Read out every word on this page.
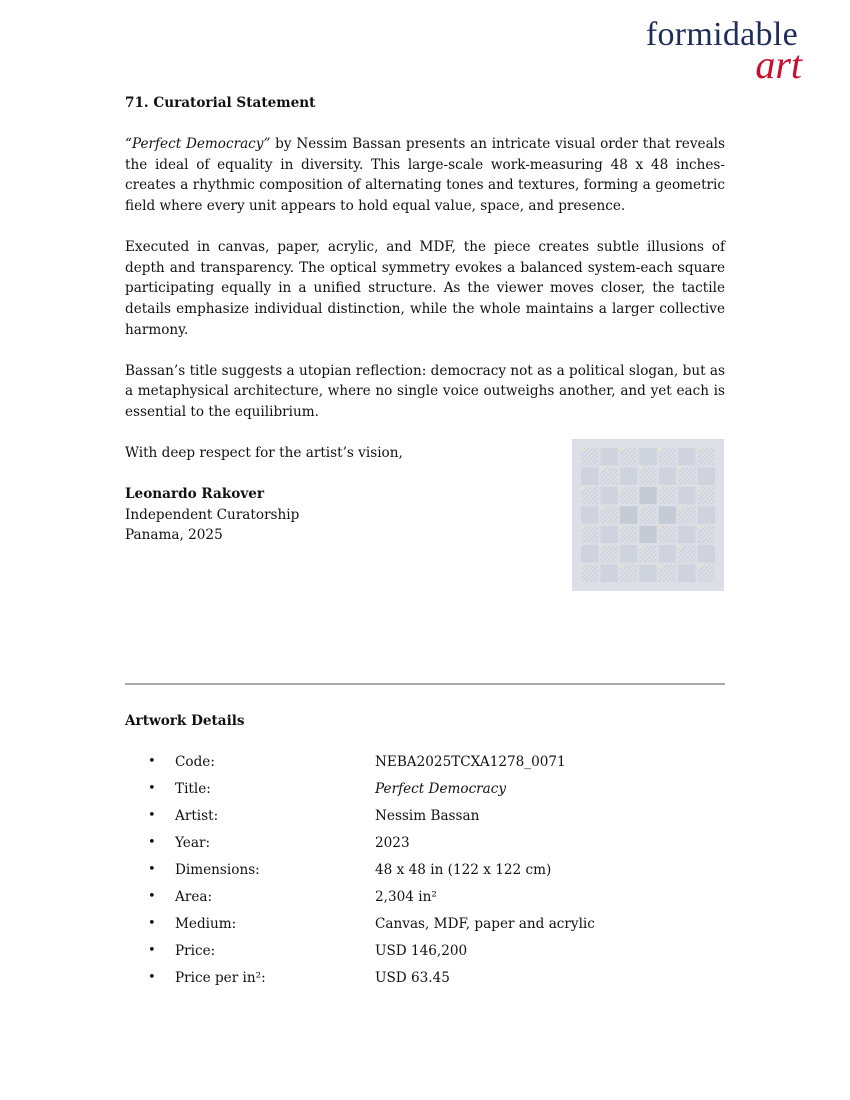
formidable
art

71. Curatorial Statement

“Perfect Democracy” by Nessim Bassan presents an intricate visual order that reveals the ideal of equality in diversity. This large-scale work-measuring 48 x 48 inches-creates a rhythmic composition of alternating tones and textures, forming a geometric field where every unit appears to hold equal value, space, and presence.

Executed in canvas, paper, acrylic, and MDF, the piece creates subtle illusions of depth and transparency. The optical symmetry evokes a balanced system-each square participating equally in a unified structure. As the viewer moves closer, the tactile details emphasize individual distinction, while the whole maintains a larger collective harmony.

Bassan’s title suggests a utopian reflection: democracy not as a political slogan, but as a metaphysical architecture, where no single voice outweighs another, and yet each is essential to the equilibrium.

With deep respect for the artist’s vision,

Leonardo Rakover

Independent Curatorship

Panama, 2025

Artwork Details

• Code:	NEBA2025TCXA1278_0071
• Title:	Perfect Democracy
• Artist:	Nessim Bassan
• Year:	2023
• Dimensions:	48 x 48 in (122 x 122 cm)
• Area:	2,304 in²
• Medium:	Canvas, MDF, paper and acrylic
• Price:	USD 146,200
• Price per in²:	USD 63.45
